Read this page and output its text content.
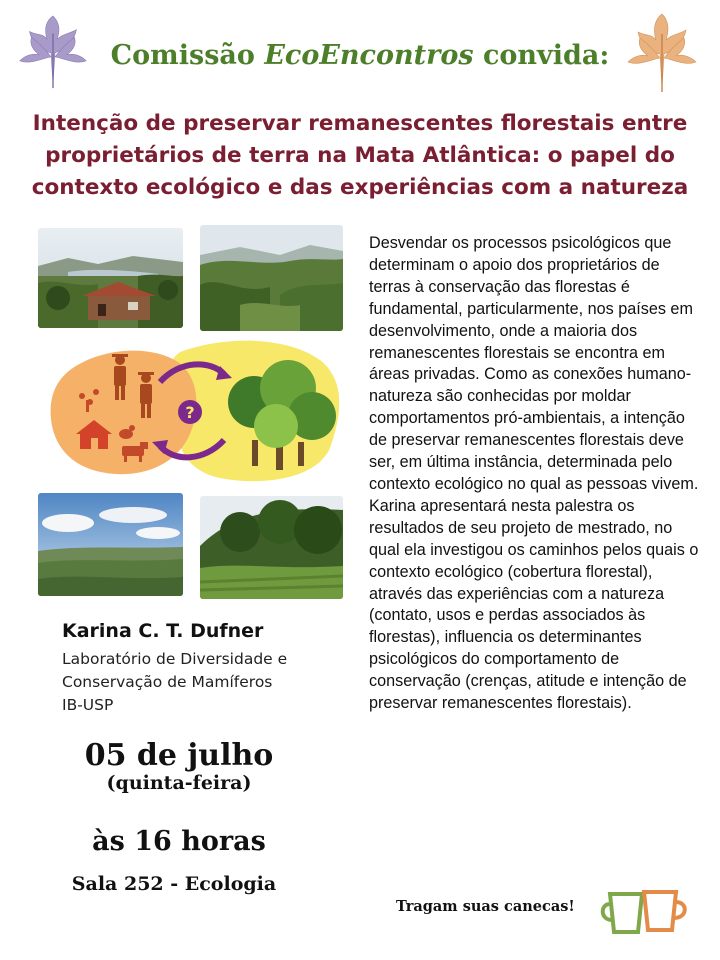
Comissão EcoEncontros convida:
Intenção de preservar remanescentes florestais entre
proprietários de terra na Mata Atlântica: o papel do
contexto ecológico e das experiências com a natureza
?

Desvendar os processos psicológicos que determinam o apoio dos proprietários de terras à conservação das florestas é fundamental, particularmente, nos países em desenvolvimento, onde a maioria dos remanescentes florestais se encontra em áreas privadas. Como as conexões humano-natureza são conhecidas por moldar comportamentos pró-ambientais, a intenção de preservar remanescentes florestais deve ser, em última instância, determinada pelo contexto ecológico no qual as pessoas vivem. Karina apresentará nesta palestra os resultados de seu projeto de mestrado, no qual ela investigou os caminhos pelos quais o contexto ecológico (cobertura florestal), através das experiências com a natureza (contato, usos e perdas associados às florestas), influencia os determinantes psicológicos do comportamento de conservação (crenças, atitude e intenção de preservar remanescentes florestais).

Karina C. T. Dufner
Laboratório de Diversidade e
Conservação de Mamíferos
IB-USP
05 de julho
(quinta-feira)
às 16 horas
Sala 252 - Ecologia
Tragam suas canecas!
